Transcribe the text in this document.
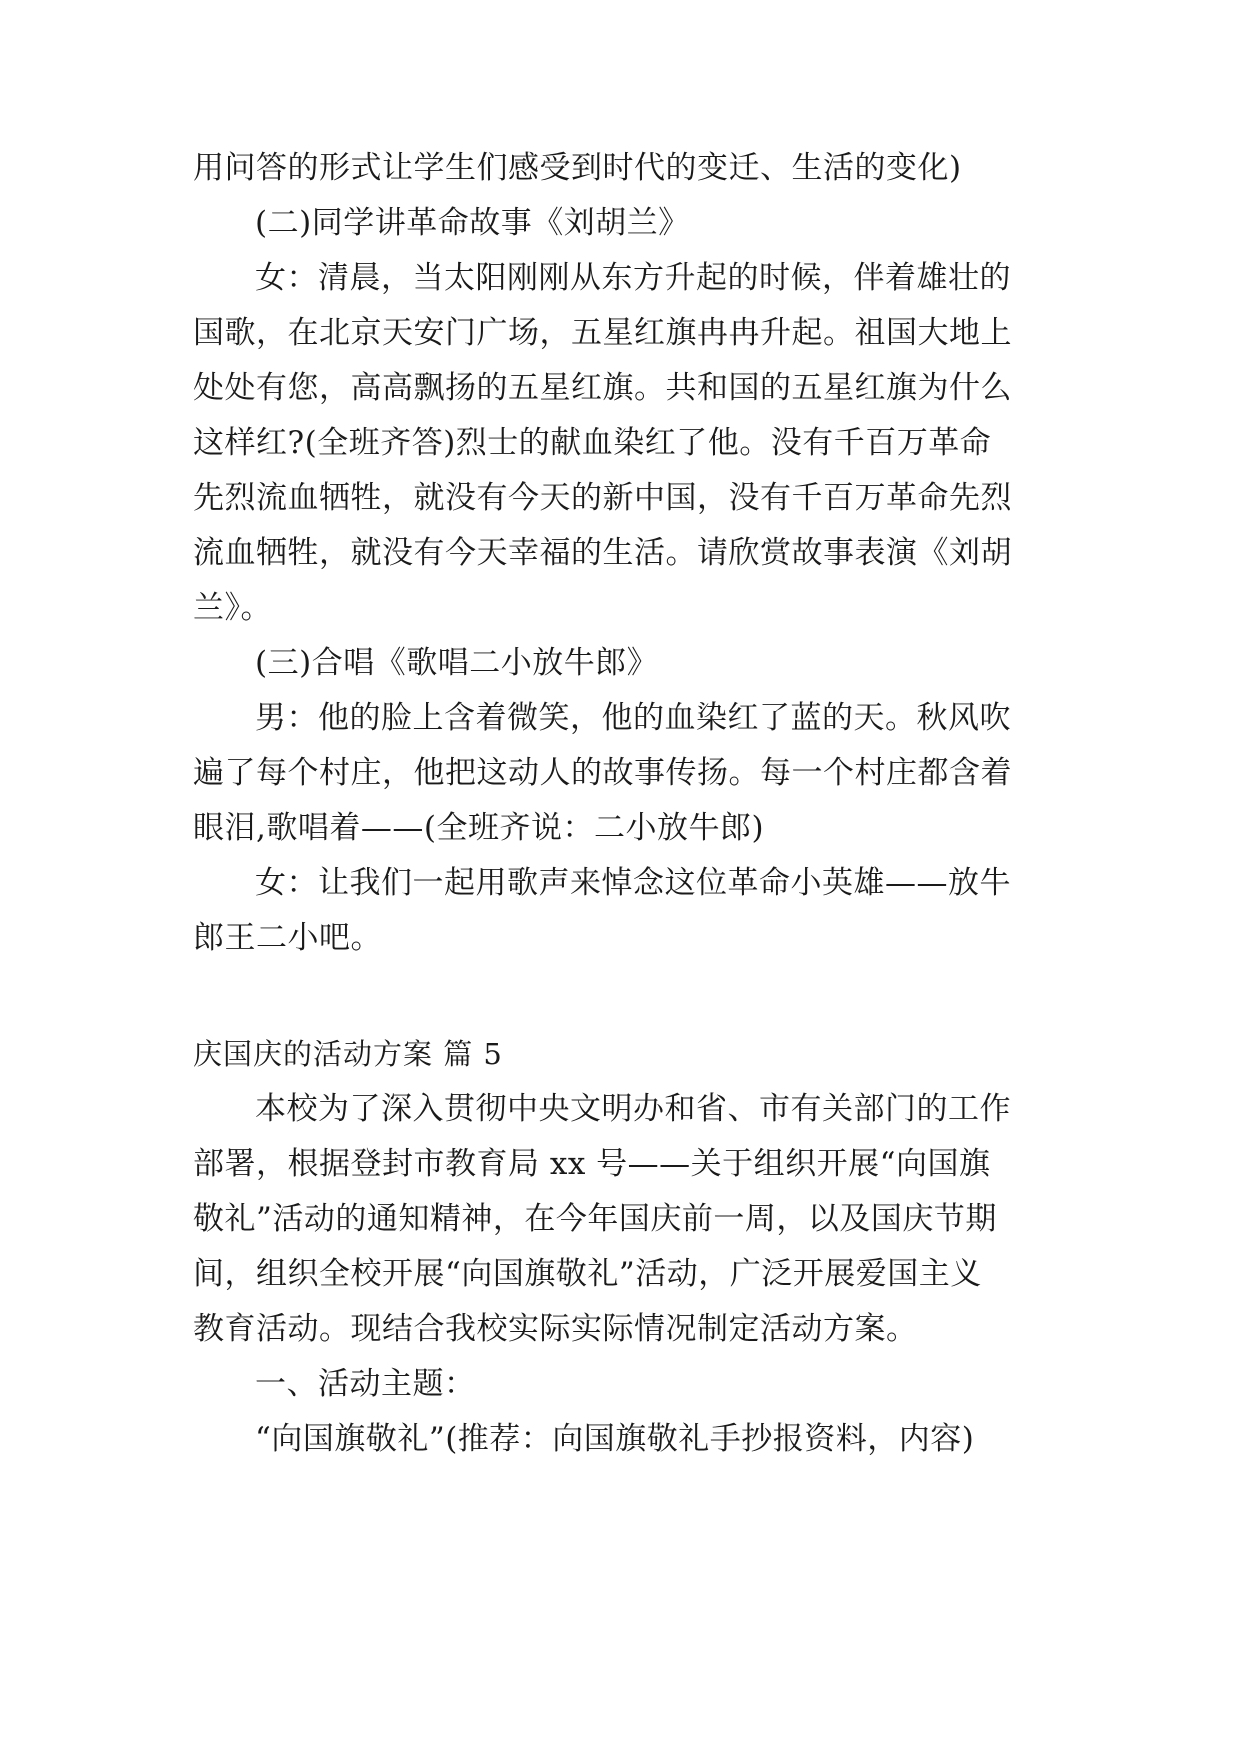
用问答的形式让学生们感受到时代的变迁、生活的变化)
(二)同学讲革命故事《刘胡兰》
女：清晨，当太阳刚刚从东方升起的时候，伴着雄壮的
国歌，在北京天安门广场，五星红旗冉冉升起。祖国大地上
处处有您，高高飘扬的五星红旗。共和国的五星红旗为什么
这样红?(全班齐答)烈士的献血染红了他。没有千百万革命
先烈流血牺牲，就没有今天的新中国，没有千百万革命先烈
流血牺牲，就没有今天幸福的生活。请欣赏故事表演《刘胡
兰》。
(三)合唱《歌唱二小放牛郎》
男：他的脸上含着微笑，他的血染红了蓝的天。秋风吹
遍了每个村庄，他把这动人的故事传扬。每一个村庄都含着
眼泪,歌唱着——(全班齐说：二小放牛郎)
女：让我们一起用歌声来悼念这位革命小英雄——放牛
郎王二小吧。
庆国庆的活动方案 篇 5
本校为了深入贯彻中央文明办和省、市有关部门的工作
部署，根据登封市教育局 xx 号——关于组织开展“向国旗
敬礼”活动的通知精神，在今年国庆前一周，以及国庆节期
间，组织全校开展“向国旗敬礼”活动，广泛开展爱国主义
教育活动。现结合我校实际实际情况制定活动方案。
一、活动主题：
“向国旗敬礼”(推荐：向国旗敬礼手抄报资料，内容)
